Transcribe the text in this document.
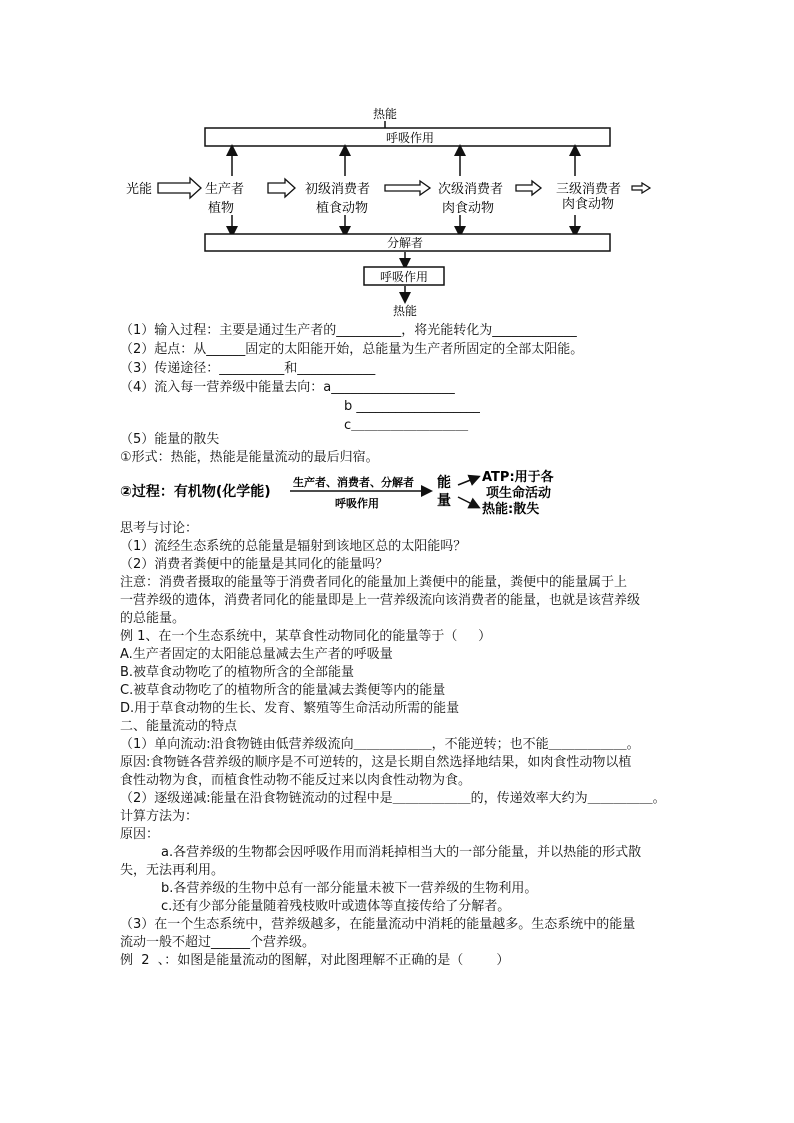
热能
呼吸作用
光能	生产者
植物
初级消费者
植食动物
次级消费者
肉食动物
三级消费者
肉食动物
分解者
呼吸作用
热能
（1）输入过程：主要是通过生产者的__________，将光能转化为_____________
（2）起点：从______固定的太阳能开始，总能量为生产者所固定的全部太阳能。
（3）传递途径：__________和____________
（4）流入每一营养级中能量去向：a___________________
b ___________________
c＿＿＿＿＿＿＿＿＿
（5）能量的散失
①形式：热能，热能是能量流动的最后归宿。
②过程：有机物(化学能)
生产者、消费者、分解者
呼吸作用
能
量
ATP:用于各
项生命活动
热能:散失
思考与讨论：
（1）流经生态系统的总能量是辐射到该地区总的太阳能吗？
（2）消费者粪便中的能量是其同化的能量吗？
注意：消费者摄取的能量等于消费者同化的能量加上粪便中的能量，粪便中的能量属于上
一营养级的遗体，消费者同化的能量即是上一营养级流向该消费者的能量，也就是该营养级
的总能量。
例 1、在一个生态系统中，某草食性动物同化的能量等于（     ）
A.生产者固定的太阳能总量减去生产者的呼吸量
B.被草食动物吃了的植物所含的全部能量
C.被草食动物吃了的植物所含的能量减去粪便等内的能量
D.用于草食动物的生长、发育、繁殖等生命活动所需的能量
二、能量流动的特点
（1）单向流动:沿食物链由低营养级流向＿＿＿＿＿＿，不能逆转；也不能＿＿＿＿＿＿。
原因:食物链各营养级的顺序是不可逆转的，这是长期自然选择地结果，如肉食性动物以植
食性动物为食，而植食性动物不能反过来以肉食性动物为食。
（2）逐级递减:能量在沿食物链流动的过程中是＿＿＿＿＿＿的，传递效率大约为＿＿＿＿＿。
计算方法为：
原因：
a.各营养级的生物都会因呼吸作用而消耗掉相当大的一部分能量，并以热能的形式散
失，无法再利用。
b.各营养级的生物中总有一部分能量未被下一营养级的生物利用。
c.还有少部分能量随着残枝败叶或遗体等直接传给了分解者。
（3）在一个生态系统中，营养级越多，在能量流动中消耗的能量越多。生态系统中的能量
流动一般不超过______个营养级。
例  2  、：如图是能量流动的图解，对此图理解不正确的是（        ）
